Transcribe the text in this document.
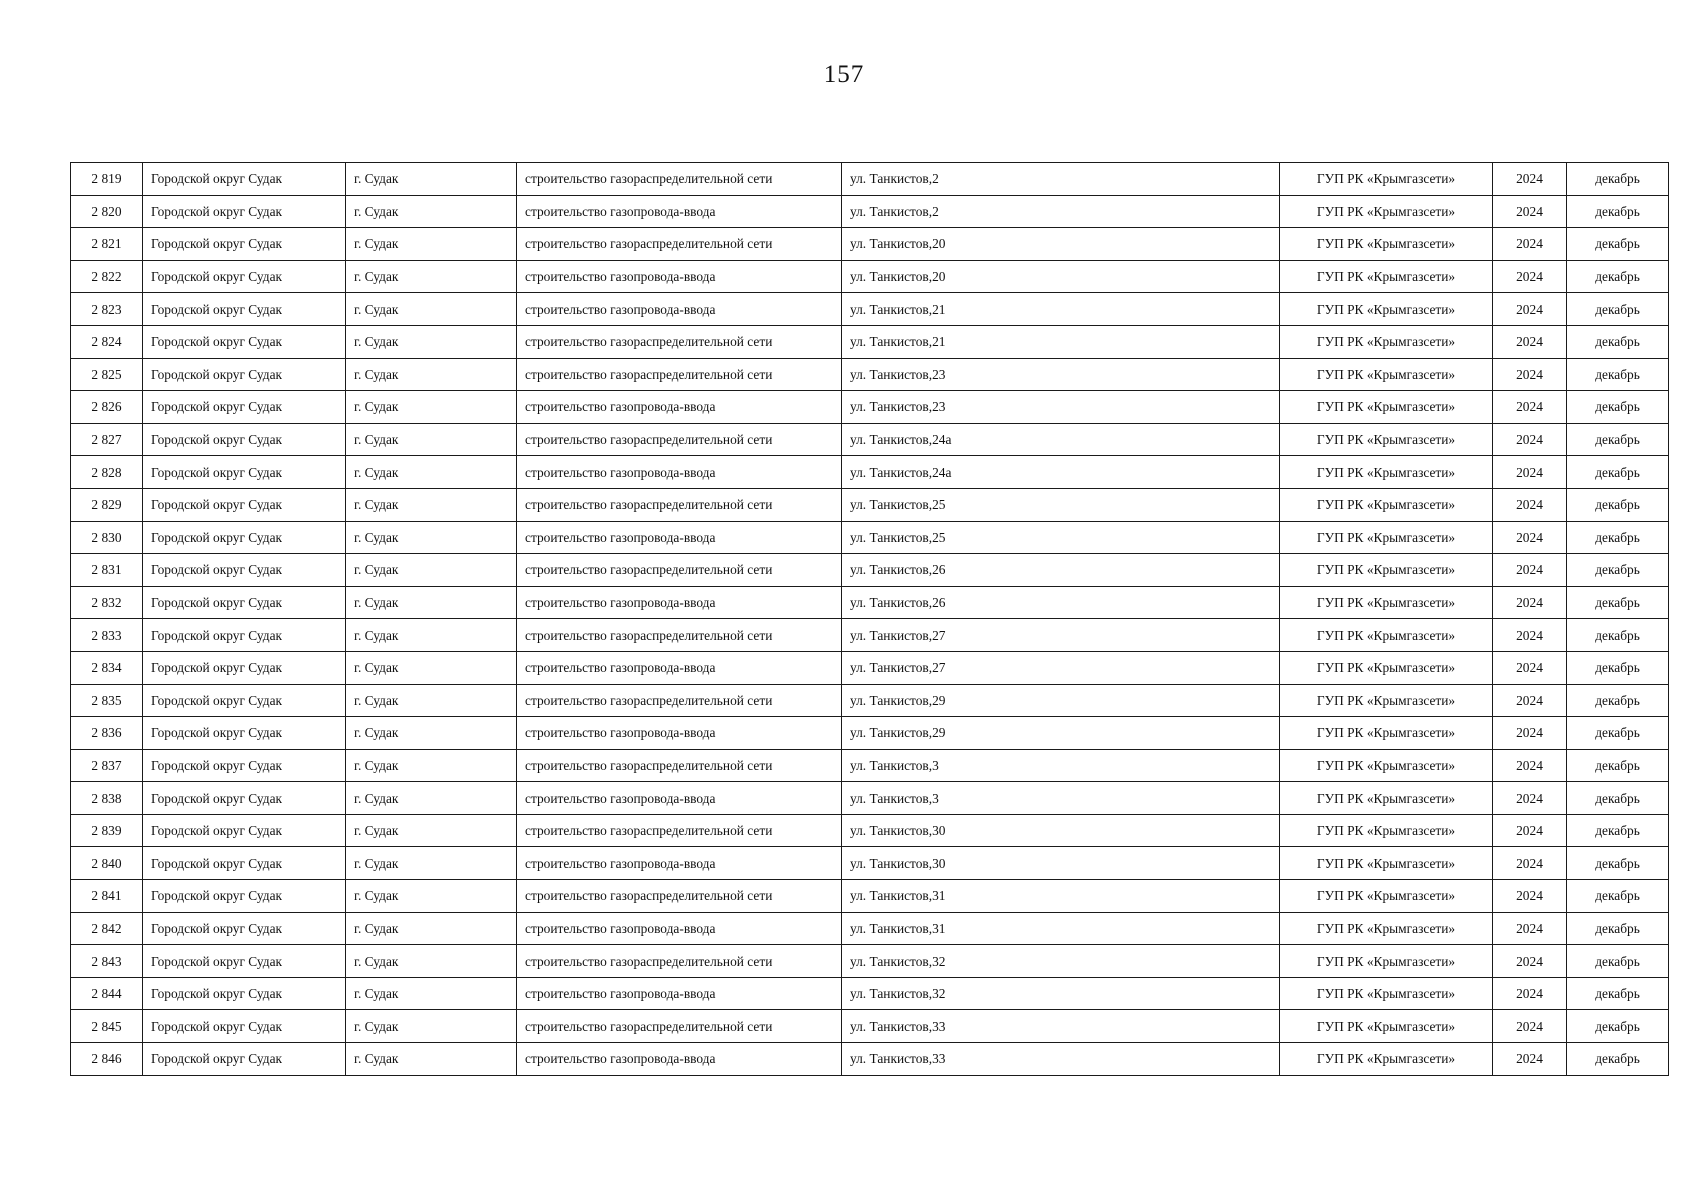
157
2 819	Городской округ Судак	г. Судак	строительство газораспределительной сети	ул. Танкистов,2	ГУП РК «Крымгазсети»	2024	декабрь
2 820	Городской округ Судак	г. Судак	строительство газопровода-ввода	ул. Танкистов,2	ГУП РК «Крымгазсети»	2024	декабрь
2 821	Городской округ Судак	г. Судак	строительство газораспределительной сети	ул. Танкистов,20	ГУП РК «Крымгазсети»	2024	декабрь
2 822	Городской округ Судак	г. Судак	строительство газопровода-ввода	ул. Танкистов,20	ГУП РК «Крымгазсети»	2024	декабрь
2 823	Городской округ Судак	г. Судак	строительство газопровода-ввода	ул. Танкистов,21	ГУП РК «Крымгазсети»	2024	декабрь
2 824	Городской округ Судак	г. Судак	строительство газораспределительной сети	ул. Танкистов,21	ГУП РК «Крымгазсети»	2024	декабрь
2 825	Городской округ Судак	г. Судак	строительство газораспределительной сети	ул. Танкистов,23	ГУП РК «Крымгазсети»	2024	декабрь
2 826	Городской округ Судак	г. Судак	строительство газопровода-ввода	ул. Танкистов,23	ГУП РК «Крымгазсети»	2024	декабрь
2 827	Городской округ Судак	г. Судак	строительство газораспределительной сети	ул. Танкистов,24а	ГУП РК «Крымгазсети»	2024	декабрь
2 828	Городской округ Судак	г. Судак	строительство газопровода-ввода	ул. Танкистов,24а	ГУП РК «Крымгазсети»	2024	декабрь
2 829	Городской округ Судак	г. Судак	строительство газораспределительной сети	ул. Танкистов,25	ГУП РК «Крымгазсети»	2024	декабрь
2 830	Городской округ Судак	г. Судак	строительство газопровода-ввода	ул. Танкистов,25	ГУП РК «Крымгазсети»	2024	декабрь
2 831	Городской округ Судак	г. Судак	строительство газораспределительной сети	ул. Танкистов,26	ГУП РК «Крымгазсети»	2024	декабрь
2 832	Городской округ Судак	г. Судак	строительство газопровода-ввода	ул. Танкистов,26	ГУП РК «Крымгазсети»	2024	декабрь
2 833	Городской округ Судак	г. Судак	строительство газораспределительной сети	ул. Танкистов,27	ГУП РК «Крымгазсети»	2024	декабрь
2 834	Городской округ Судак	г. Судак	строительство газопровода-ввода	ул. Танкистов,27	ГУП РК «Крымгазсети»	2024	декабрь
2 835	Городской округ Судак	г. Судак	строительство газораспределительной сети	ул. Танкистов,29	ГУП РК «Крымгазсети»	2024	декабрь
2 836	Городской округ Судак	г. Судак	строительство газопровода-ввода	ул. Танкистов,29	ГУП РК «Крымгазсети»	2024	декабрь
2 837	Городской округ Судак	г. Судак	строительство газораспределительной сети	ул. Танкистов,3	ГУП РК «Крымгазсети»	2024	декабрь
2 838	Городской округ Судак	г. Судак	строительство газопровода-ввода	ул. Танкистов,3	ГУП РК «Крымгазсети»	2024	декабрь
2 839	Городской округ Судак	г. Судак	строительство газораспределительной сети	ул. Танкистов,30	ГУП РК «Крымгазсети»	2024	декабрь
2 840	Городской округ Судак	г. Судак	строительство газопровода-ввода	ул. Танкистов,30	ГУП РК «Крымгазсети»	2024	декабрь
2 841	Городской округ Судак	г. Судак	строительство газораспределительной сети	ул. Танкистов,31	ГУП РК «Крымгазсети»	2024	декабрь
2 842	Городской округ Судак	г. Судак	строительство газопровода-ввода	ул. Танкистов,31	ГУП РК «Крымгазсети»	2024	декабрь
2 843	Городской округ Судак	г. Судак	строительство газораспределительной сети	ул. Танкистов,32	ГУП РК «Крымгазсети»	2024	декабрь
2 844	Городской округ Судак	г. Судак	строительство газопровода-ввода	ул. Танкистов,32	ГУП РК «Крымгазсети»	2024	декабрь
2 845	Городской округ Судак	г. Судак	строительство газораспределительной сети	ул. Танкистов,33	ГУП РК «Крымгазсети»	2024	декабрь
2 846	Городской округ Судак	г. Судак	строительство газопровода-ввода	ул. Танкистов,33	ГУП РК «Крымгазсети»	2024	декабрь
